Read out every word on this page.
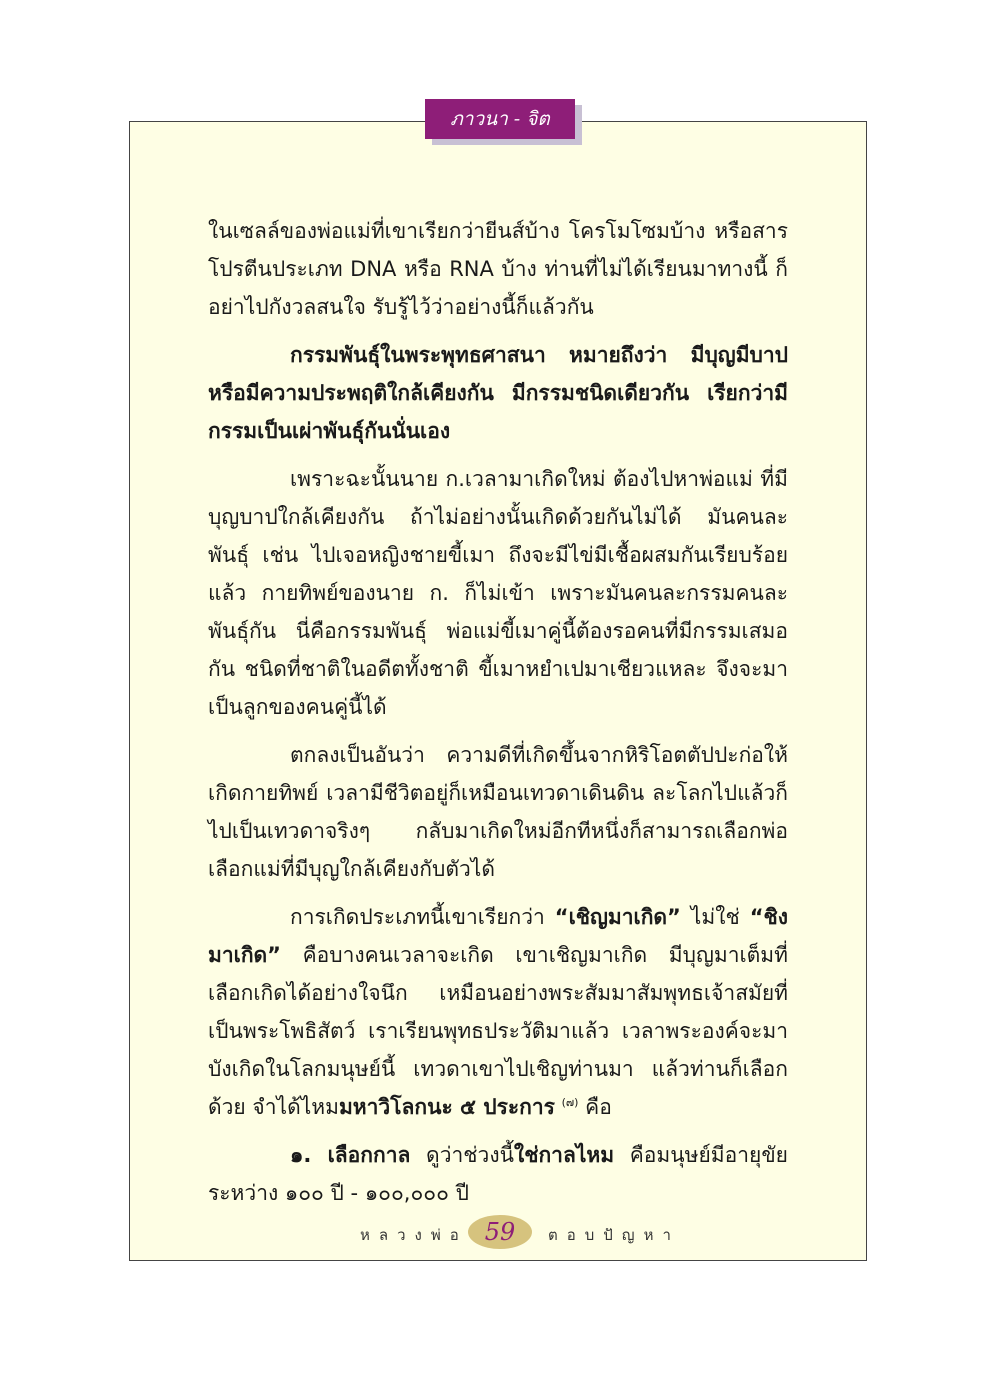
ภาวนา - จิต

ในเซลล์ของพ่อแม่ที่เขาเรียกว่ายีนส์บ้าง โครโมโซมบ้าง หรือสารโปรตีนประเภท DNA หรือ RNA บ้าง ท่านที่ไม่ได้เรียนมาทางนี้ ก็อย่าไปกังวลสนใจ รับรู้ไว้ว่าอย่างนี้ก็แล้วกัน

กรรมพันธุ์ในพระพุทธศาสนา หมายถึงว่า มีบุญมีบาป หรือมีความประพฤติใกล้เคียงกัน มีกรรมชนิดเดียวกัน เรียกว่ามีกรรมเป็นเผ่าพันธุ์กันนั่นเอง

เพราะฉะนั้นนาย ก.เวลามาเกิดใหม่ ต้องไปหาพ่อแม่ ที่มีบุญบาปใกล้เคียงกัน ถ้าไม่อย่างนั้นเกิดด้วยกันไม่ได้ มันคนละพันธุ์ เช่น ไปเจอหญิงชายขี้เมา ถึงจะมีไข่มีเชื้อผสมกันเรียบร้อยแล้ว กายทิพย์ของนาย ก. ก็ไม่เข้า เพราะมันคนละกรรมคนละพันธุ์กัน นี่คือกรรมพันธุ์ พ่อแม่ขี้เมาคู่นี้ต้องรอคนที่มีกรรมเสมอกัน ชนิดที่ชาติในอดีตทั้งชาติ ขี้เมาหยำเปมาเชียวแหละ จึงจะมาเป็นลูกของคนคู่นี้ได้

ตกลงเป็นอันว่า ความดีที่เกิดขึ้นจากหิริโอตตัปปะก่อให้เกิดกายทิพย์ เวลามีชีวิตอยู่ก็เหมือนเทวดาเดินดิน ละโลกไปแล้วก็ไปเป็นเทวดาจริงๆ กลับมาเกิดใหม่อีกทีหนึ่งก็สามารถเลือกพ่อเลือกแม่ที่มีบุญใกล้เคียงกับตัวได้

การเกิดประเภทนี้เขาเรียกว่า “เชิญมาเกิด” ไม่ใช่ “ชิงมาเกิด” คือบางคนเวลาจะเกิด เขาเชิญมาเกิด มีบุญมาเต็มที่ เลือกเกิดได้อย่างใจนึก เหมือนอย่างพระสัมมาสัมพุทธเจ้าสมัยที่เป็นพระโพธิสัตว์ เราเรียนพุทธประวัติมาแล้ว เวลาพระองค์จะมาบังเกิดในโลกมนุษย์นี้ เทวดาเขาไปเชิญท่านมา แล้วท่านก็เลือกด้วย จำได้ไหมมหาวิโลกนะ ๕ ประการ $^{(๗)}$ คือ

๑. เลือกกาล ดูว่าช่วงนี้ใช่กาลไหม คือมนุษย์มีอายุขัยระหว่าง ๑๐๐ ปี - ๑๐๐,๐๐๐ ปี

หลวงพ่อ 59 ตอบปัญหา
